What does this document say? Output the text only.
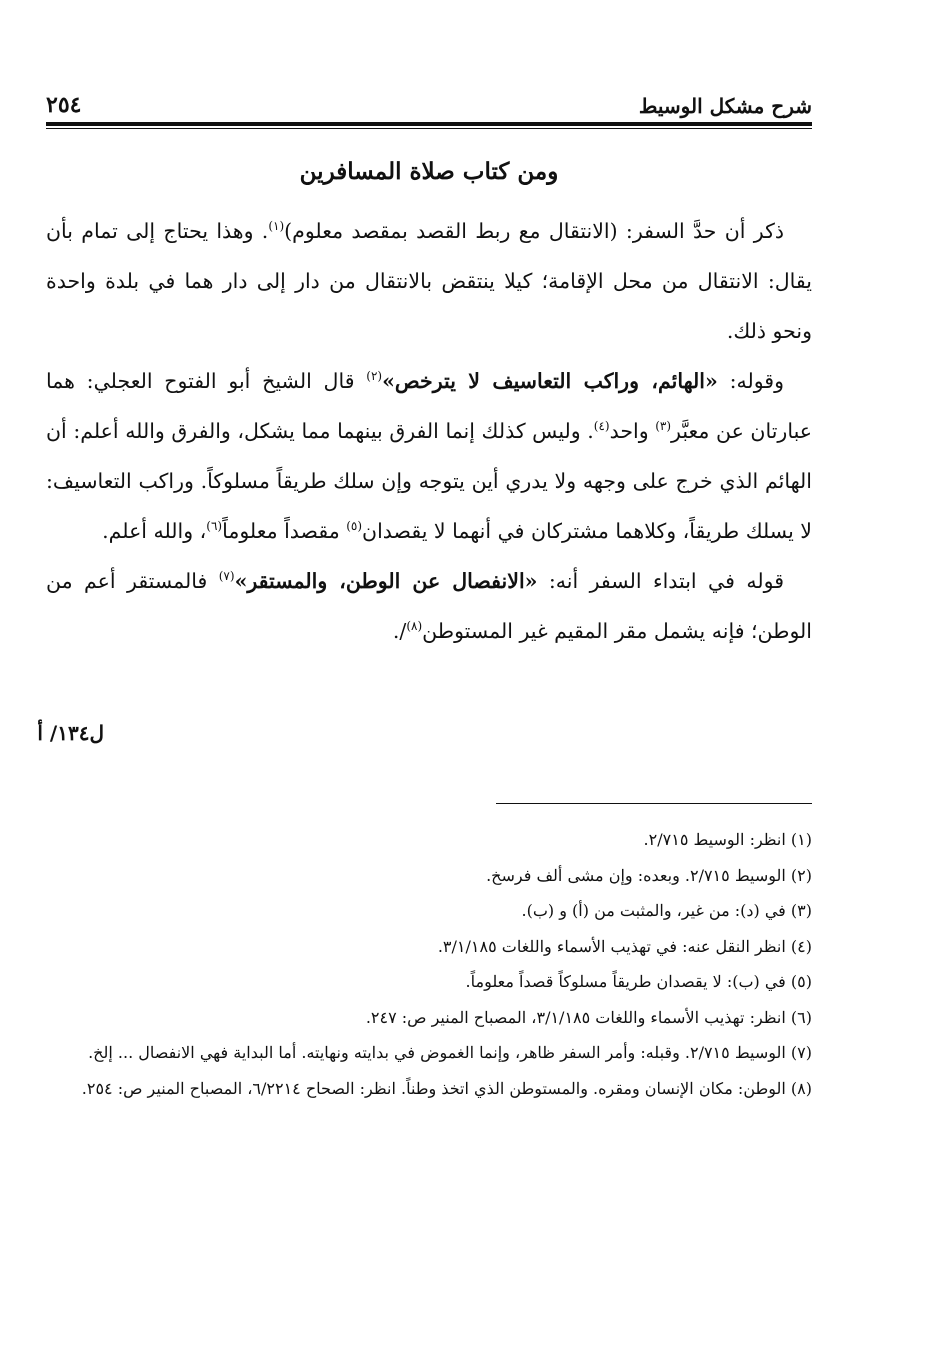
٢٥٤	شرح مشكل الوسيط
ومن كتاب صلاة المسافرين

ذكر أن حدَّ السفر: (الانتقال مع ربط القصد بمقصد معلوم)$^{(١)}$. وهذا يحتاج إلى تمام بأن يقال: الانتقال من محل الإقامة؛ كيلا ينتقض بالانتقال من دار إلى دار هما في بلدة واحدة ونحو ذلك.

وقوله: «الهائم، وراكب التعاسيف لا يترخص»$^{(٢)}$ قال الشيخ أبو الفتوح العجلي: هما عبارتان عن معبَّر$^{(٣)}$ واحد$^{(٤)}$. وليس كذلك إنما الفرق بينهما مما يشكل، والفرق والله أعلم: أن الهائم الذي خرج على وجهه ولا يدري أين يتوجه وإن سلك طريقاً مسلوكاً. وراكب التعاسيف: لا يسلك طريقاً، وكلاهما مشتركان في أنهما لا يقصدان$^{(٥)}$ مقصداً معلوماً$^{(٦)}$، والله أعلم.

قوله في ابتداء السفر أنه: «الانفصال عن الوطن، والمستقر»$^{(٧)}$ فالمستقر أعم من الوطن؛ فإنه يشمل مقر المقيم غير المستوطن$^{(٨)}$/.

ل١٣٤/ أ

(١) انظر: الوسيط ٢/٧١٥.

(٢) الوسيط ٢/٧١٥. وبعده: وإن مشى ألف فرسخ.

(٣) في (د): من غير، والمثبت من (أ) و (ب).

(٤) انظر النقل عنه: في تهذيب الأسماء واللغات ٣/١/١٨٥.

(٥) في (ب): لا يقصدان طريقاً مسلوكاً قصداً معلوماً.

(٦) انظر: تهذيب الأسماء واللغات ٣/١/١٨٥، المصباح المنير ص: ٢٤٧.

(٧) الوسيط ٢/٧١٥. وقبله: وأمر السفر ظاهر، وإنما الغموض في بدايته ونهايته. أما البداية فهي الانفصال ... إلخ.

(٨) الوطن: مكان الإنسان ومقره. والمستوطن الذي اتخذ وطناً. انظر: الصحاح ٦/٢٢١٤، المصباح المنير ص: ٢٥٤.
